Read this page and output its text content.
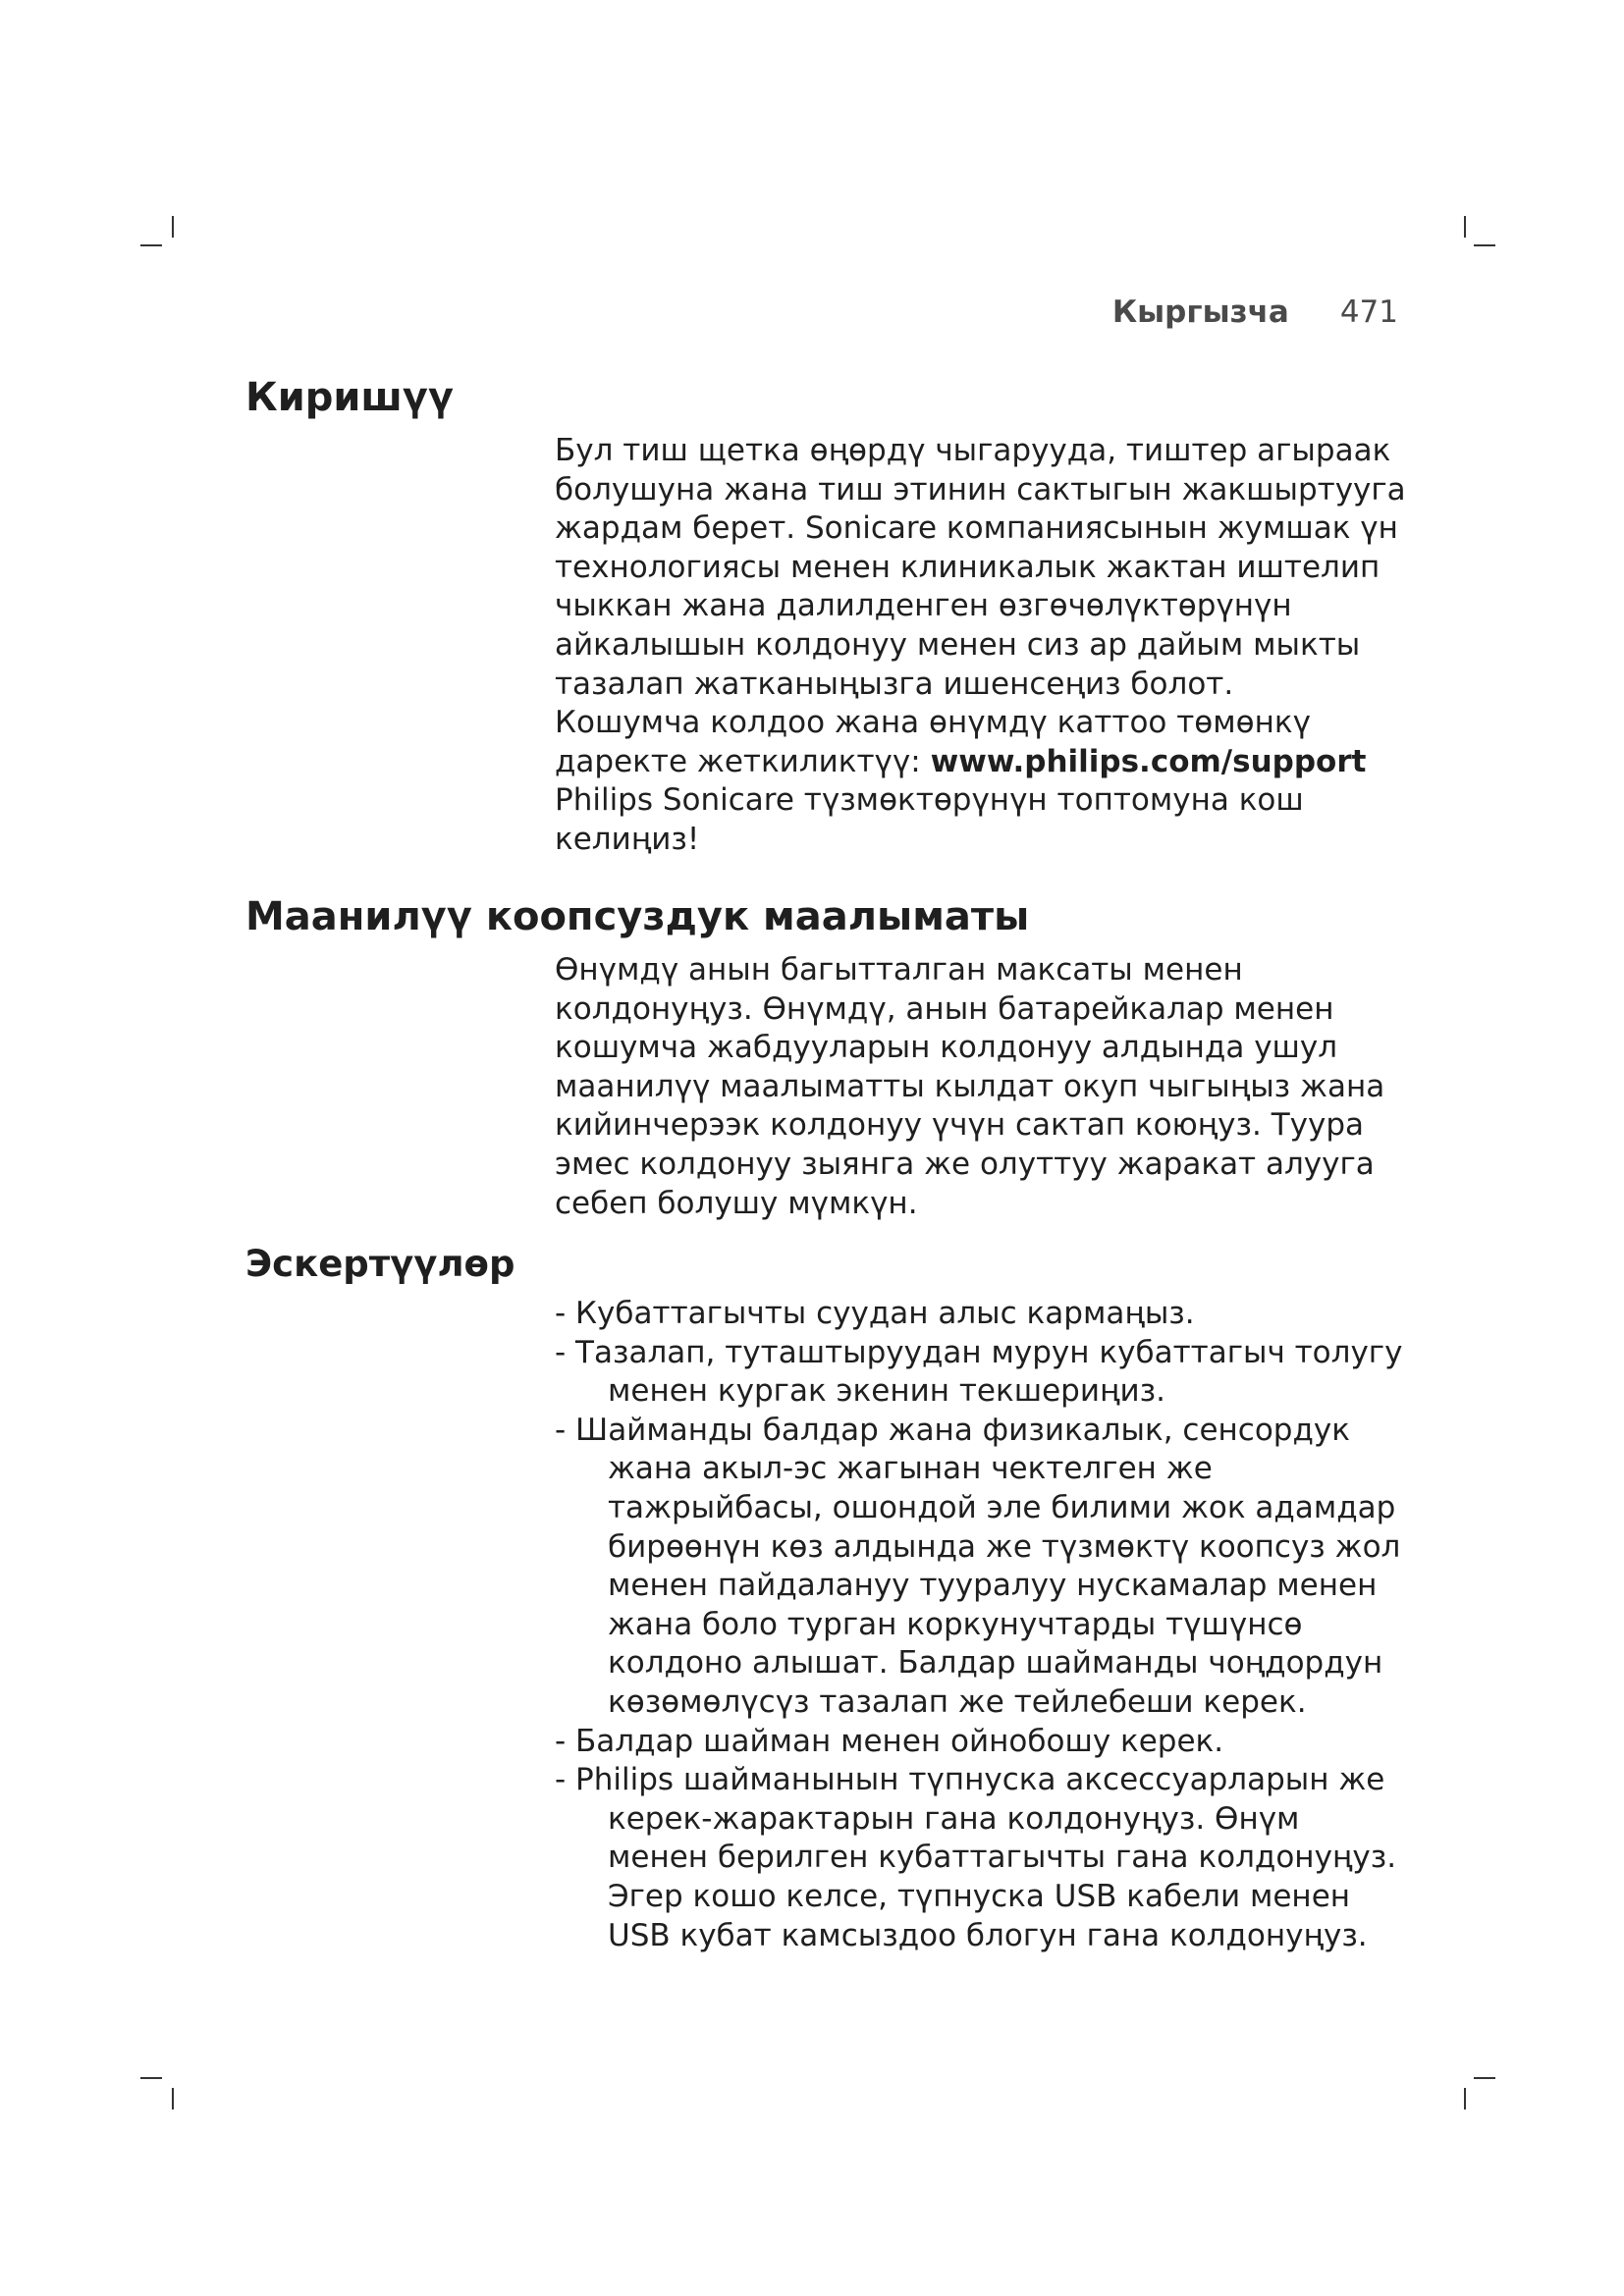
Кыргызча 471
Киришүү

Бул тиш щетка өңөрдү чыгарууда, тиштер агыраак болушуна жана тиш этинин сактыгын жакшыртууга жардам берет. Sonicare компаниясынын жумшак үн технологиясы менен клиникалык жактан иштелип чыккан жана далилденген өзгөчөлүктөрүнүн айкалышын колдонуу менен сиз ар дайым мыкты тазалап жатканыңызга ишенсеңиз болот.

Кошумча колдоо жана өнүмдү каттоо төмөнкү даректе жеткиликтүү: www.philips.com/support

Philips Sonicare түзмөктөрүнүн топтомуна кош келиңиз!

Маанилүү коопсуздук маалыматы

Өнүмдү анын багытталган максаты менен колдонуңуз. Өнүмдү, анын батарейкалар менен кошумча жабдууларын колдонуу алдында ушул маанилүү маалыматты кылдат окуп чыгыңыз жана кийинчерээк колдонуу үчүн сактап коюңуз. Туура эмес колдонуу зыянга же олуттуу жаракат алууга себеп болушу мүмкүн.

Эскертүүлөр
- Кубаттагычты суудан алыс кармаңыз.
- Тазалап, туташтыруудан мурун кубаттагыч толугу менен кургак экенин текшериңиз.
- Шайманды балдар жана физикалык, сенсордук жана акыл-эс жагынан чектелген же тажрыйбасы, ошондой эле билими жок адамдар бирөөнүн көз алдында же түзмөктү коопсуз жол менен пайдалануу тууралуу нускамалар менен жана боло турган коркунучтарды түшүнсө колдоно алышат. Балдар шайманды чоңдордун көзөмөлүсүз тазалап же тейлебеши керек.
- Балдар шайман менен ойнобошу керек.
- Philips шайманынын түпнуска аксессуарларын же керек-жарактарын гана колдонуңуз. Өнүм менен берилген кубаттагычты гана колдонуңуз. Эгер кошо келсе, түпнуска USB кабели менен USB кубат камсыздоо блогун гана колдонуңуз.
